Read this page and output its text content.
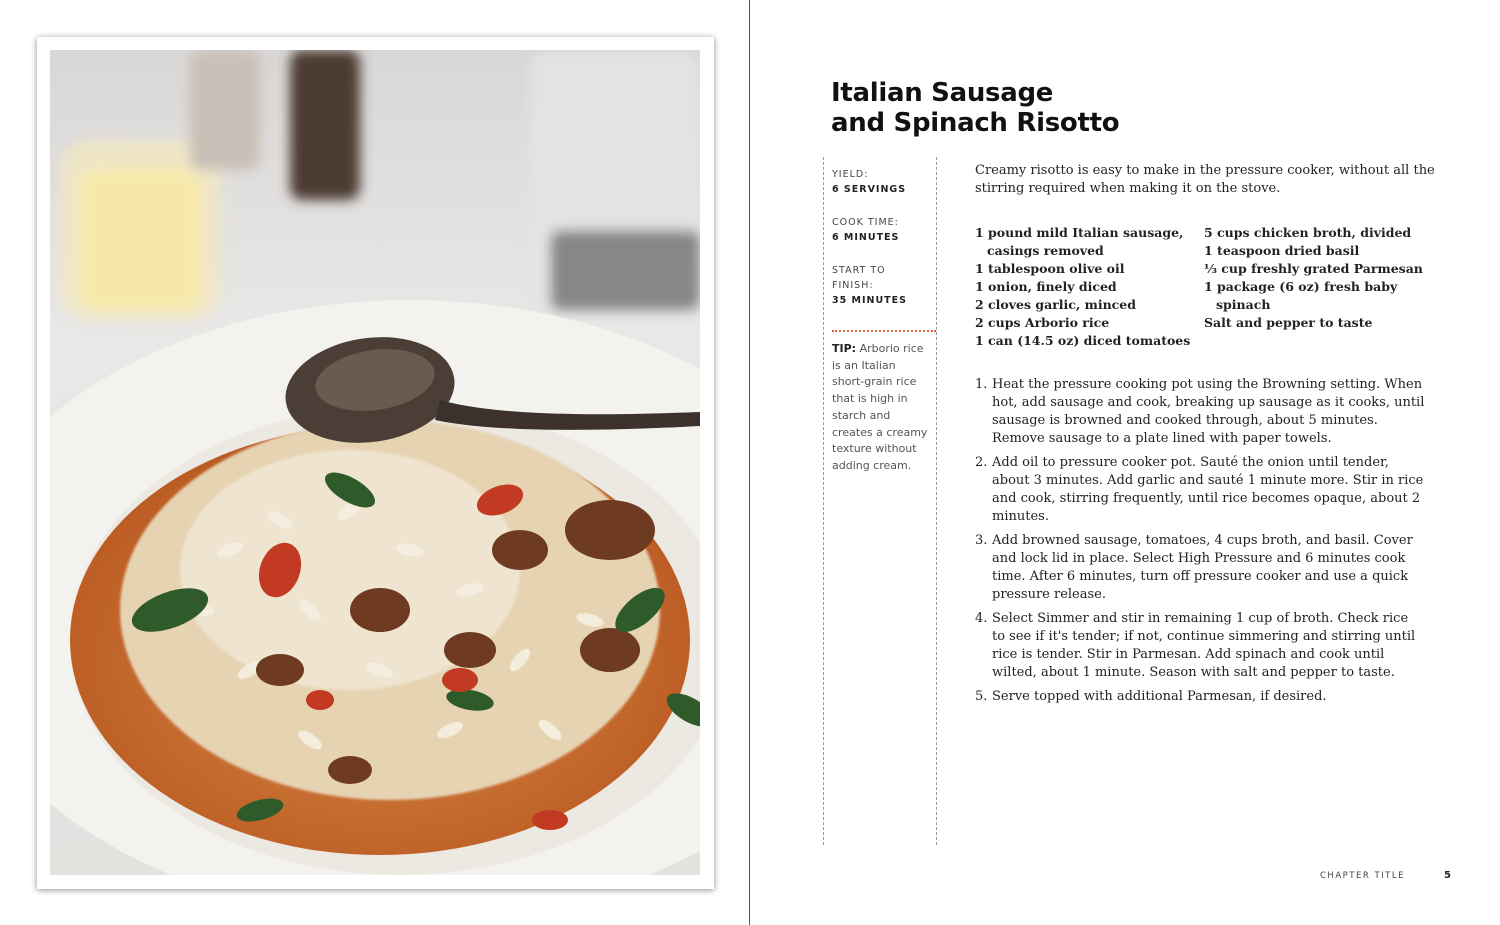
Italian Sausage
and Spinach Risotto
YIELD:
6 SERVINGS
COOK TIME:
6 MINUTES
START TO FINISH:
35 MINUTES
TIP: Arborio rice is an Italian short-grain rice that is high in starch and creates a creamy texture without adding cream.

Creamy risotto is easy to make in the pressure cooker, without all the stirring required when making it on the stove.

1 pound mild Italian sausage, casings removed
1 tablespoon olive oil
1 onion, finely diced
2 cloves garlic, minced
2 cups Arborio rice
1 can (14.5 oz) diced tomatoes
5 cups chicken broth, divided
1 teaspoon dried basil
⅓ cup freshly grated Parmesan
1 package (6 oz) fresh baby spinach
Salt and pepper to taste
1. Heat the pressure cooking pot using the Browning setting. When hot, add sausage and cook, breaking up sausage as it cooks, until sausage is browned and cooked through, about 5 minutes. Remove sausage to a plate lined with paper towels.
2. Add oil to pressure cooker pot. Sauté the onion until tender, about 3 minutes. Add garlic and sauté 1 minute more. Stir in rice and cook, stirring frequently, until rice becomes opaque, about 2 minutes.
3. Add browned sausage, tomatoes, 4 cups broth, and basil. Cover and lock lid in place. Select High Pressure and 6 minutes cook time. After 6 minutes, turn off pressure cooker and use a quick pressure release.
4. Select Simmer and stir in remaining 1 cup of broth. Check rice to see if it's tender; if not, continue simmering and stirring until rice is tender. Stir in Parmesan. Add spinach and cook until wilted, about 1 minute. Season with salt and pepper to taste.
5. Serve topped with additional Parmesan, if desired.
CHAPTER TITLE	5
